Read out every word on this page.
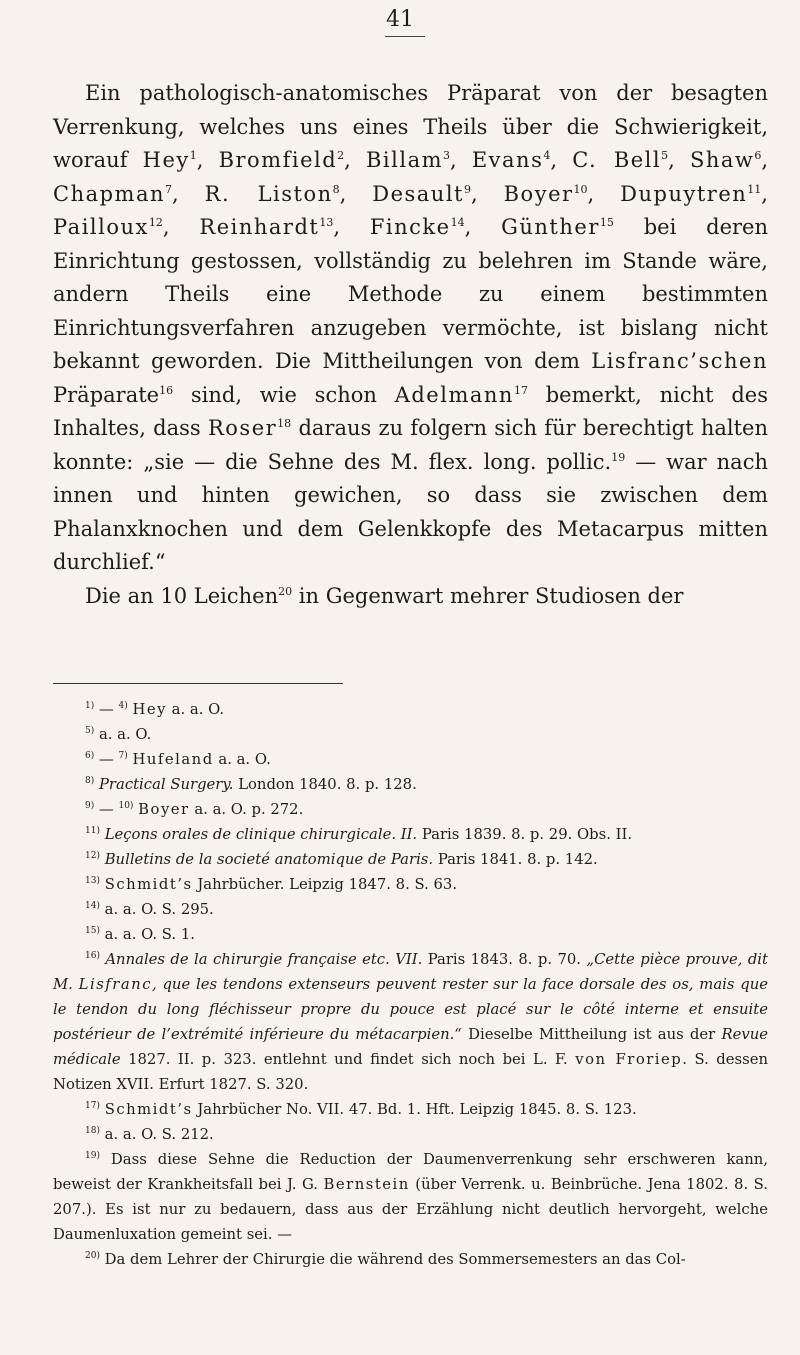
41

Ein pathologisch-anatomisches Präparat von der besagten Verrenkung, welches uns eines Theils über die Schwierigkeit, worauf Hey$^1$, Bromfield$^2$, Billam$^3$, Evans$^4$, C. Bell$^5$, Shaw$^6$, Chapman$^7$, R. Liston$^8$, Desault$^9$, Boyer$^{10}$, Dupuytren$^{11}$, Pailloux$^{12}$, Reinhardt$^{13}$, Fincke$^{14}$, Günther$^{15}$ bei deren Einrichtung gestossen, vollständig zu belehren im Stande wäre, andern Theils eine Methode zu einem bestimmten Einrichtungsverfahren anzugeben vermöchte, ist bislang nicht bekannt geworden. Die Mittheilungen von dem Lisfranc’schen Präparate$^{16}$ sind, wie schon Adelmann$^{17}$ bemerkt, nicht des Inhaltes, dass Roser$^{18}$ daraus zu folgern sich für berechtigt halten konnte: „sie — die Sehne des M. flex. long. pollic.$^{19}$ — war nach innen und hinten gewichen, so dass sie zwischen dem Phalanxknochen und dem Gelenkkopfe des Metacarpus mitten durchlief.“

Die an 10 Leichen$^{20}$ in Gegenwart mehrer Studiosen der

$^{1)}$ — $^{4)}$ Hey a. a. O.

$^{5)}$ a. a. O.

$^{6)}$ — $^{7)}$ Hufeland a. a. O.

$^{8)}$ Practical Surgery. London 1840. 8. p. 128.

$^{9)}$ — $^{10)}$ Boyer a. a. O. p. 272.

$^{11)}$ Leçons orales de clinique chirurgicale. II. Paris 1839. 8. p. 29. Obs. II.

$^{12)}$ Bulletins de la societé anatomique de Paris. Paris 1841. 8. p. 142.

$^{13)}$ Schmidt’s Jahrbücher. Leipzig 1847. 8. S. 63.

$^{14)}$ a. a. O. S. 295.

$^{15)}$ a. a. O. S. 1.

$^{16)}$ Annales de la chirurgie française etc. VII. Paris 1843. 8. p. 70. „Cette pièce prouve, dit M. Lisfranc, que les tendons extenseurs peuvent rester sur la face dorsale des os, mais que le tendon du long fléchisseur propre du pouce est placé sur le côté interne et ensuite postérieur de l’extrémité inférieure du métacarpien.“ Dieselbe Mittheilung ist aus der Revue médicale 1827. II. p. 323. entlehnt und findet sich noch bei L. F. von Froriep. S. dessen Notizen XVII. Erfurt 1827. S. 320.

$^{17)}$ Schmidt’s Jahrbücher No. VII. 47. Bd. 1. Hft. Leipzig 1845. 8. S. 123.

$^{18)}$ a. a. O. S. 212.

$^{19)}$ Dass diese Sehne die Reduction der Daumenverrenkung sehr erschweren kann, beweist der Krankheitsfall bei J. G. Bernstein (über Verrenk. u. Beinbrüche. Jena 1802. 8. S. 207.). Es ist nur zu bedauern, dass aus der Erzählung nicht deutlich hervorgeht, welche Daumenluxation gemeint sei. —

$^{20)}$ Da dem Lehrer der Chirurgie die während des Sommersemesters an das Col-
